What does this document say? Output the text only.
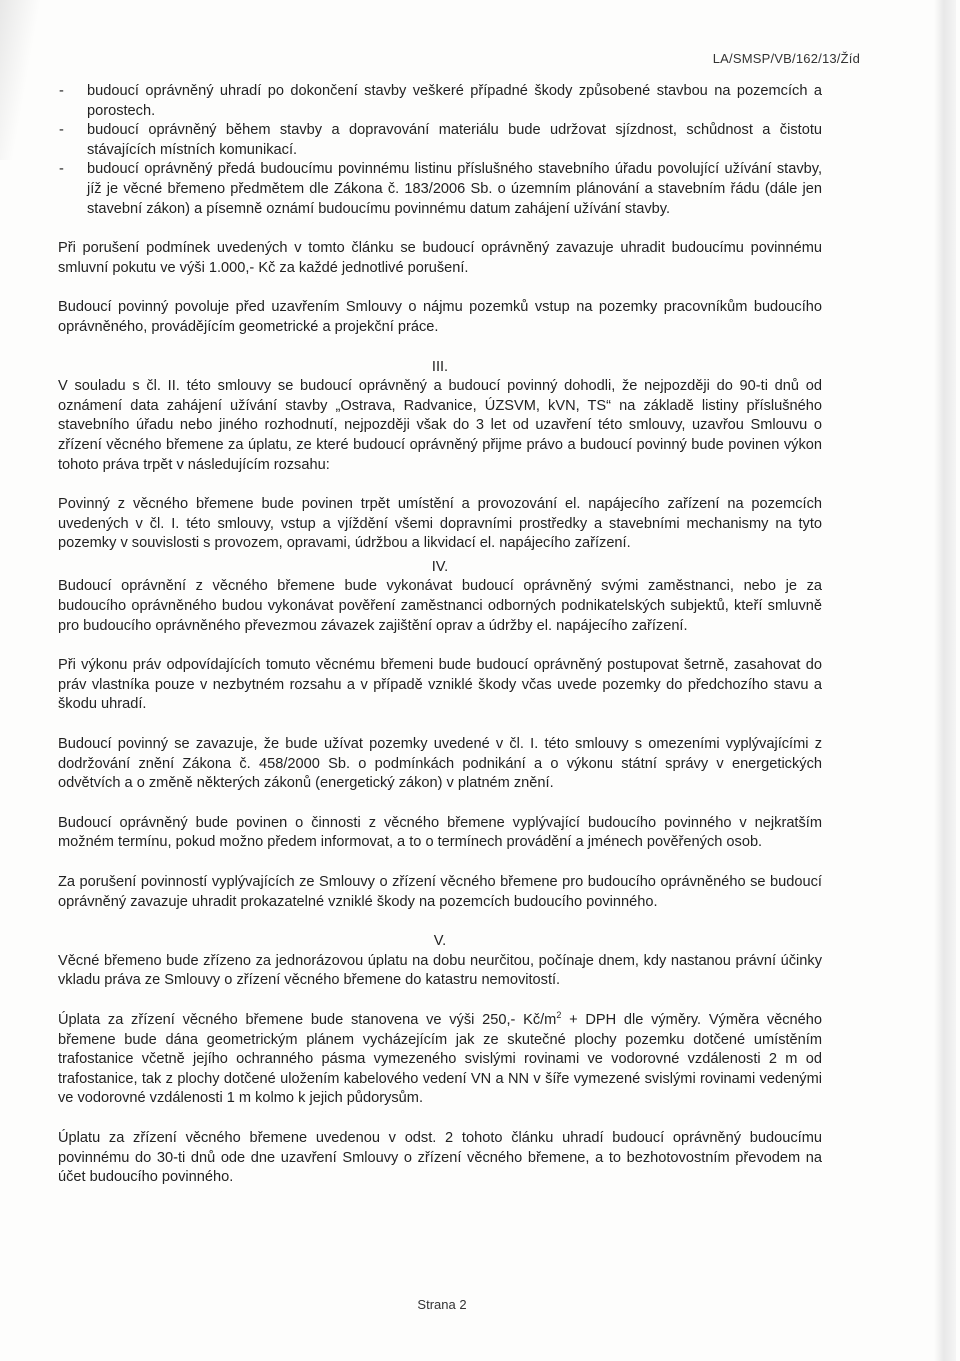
LA/SMSP/VB/162/13/Žíd
- budoucí oprávněný uhradí po dokončení stavby veškeré případné škody způsobené stavbou na pozemcích a porostech.
- budoucí oprávněný během stavby a dopravování materiálu bude udržovat sjízdnost, schůdnost a čistotu stávajících místních komunikací.
- budoucí oprávněný předá budoucímu povinnému listinu příslušného stavebního úřadu povolující užívání stavby, jíž je věcné břemeno předmětem dle Zákona č. 183/2006 Sb. o územním plánování a stavebním řádu (dále jen stavební zákon) a písemně oznámí budoucímu povinnému datum zahájení užívání stavby.

Při porušení podmínek uvedených v tomto článku se budoucí oprávněný zavazuje uhradit budoucímu povinnému smluvní pokutu ve výši 1.000,- Kč za každé jednotlivé porušení.

Budoucí povinný povoluje před uzavřením Smlouvy o nájmu pozemků vstup na pozemky pracovníkům budoucího oprávněného, provádějícím geometrické a projekční práce.

III.

V souladu s čl. II. této smlouvy se budoucí oprávněný a budoucí povinný dohodli, že nejpozději do 90-ti dnů od oznámení data zahájení užívání stavby „Ostrava, Radvanice, ÚZSVM, kVN, TS“ na základě listiny příslušného stavebního úřadu nebo jiného rozhodnutí, nejpozději však do 3 let od uzavření této smlouvy, uzavřou Smlouvu o zřízení věcného břemene za úplatu, ze které budoucí oprávněný přijme právo a budoucí povinný bude povinen výkon tohoto práva trpět v následujícím rozsahu:

Povinný z věcného břemene bude povinen trpět umístění a provozování el. napájecího zařízení na pozemcích uvedených v čl. I. této smlouvy, vstup a vjíždění všemi dopravními prostředky a stavebními mechanismy na tyto pozemky v souvislosti s provozem, opravami, údržbou a likvidací el. napájecího zařízení.

IV.

Budoucí oprávnění z věcného břemene bude vykonávat budoucí oprávněný svými zaměstnanci, nebo je za budoucího oprávněného budou vykonávat pověření zaměstnanci odborných podnikatelských subjektů, kteří smluvně pro budoucího oprávněného převezmou závazek zajištění oprav a údržby el. napájecího zařízení.

Při výkonu práv odpovídajících tomuto věcnému břemeni bude budoucí oprávněný postupovat šetrně, zasahovat do práv vlastníka pouze v nezbytném rozsahu a v případě vzniklé škody včas uvede pozemky do předchozího stavu a škodu uhradí.

Budoucí povinný se zavazuje, že bude užívat pozemky uvedené v čl. I. této smlouvy s omezeními vyplývajícími z dodržování znění Zákona č. 458/2000 Sb. o podmínkách podnikání a o výkonu státní správy v energetických odvětvích a o změně některých zákonů (energetický zákon) v platném znění.

Budoucí oprávněný bude povinen o činnosti z věcného břemene vyplývající budoucího povinného v nejkratším možném termínu, pokud možno předem informovat, a to o termínech provádění a jménech pověřených osob.

Za porušení povinností vyplývajících ze Smlouvy o zřízení věcného břemene pro budoucího oprávněného se budoucí oprávněný zavazuje uhradit prokazatelné vzniklé škody na pozemcích budoucího povinného.

V.

Věcné břemeno bude zřízeno za jednorázovou úplatu na dobu neurčitou, počínaje dnem, kdy nastanou právní účinky vkladu práva ze Smlouvy o zřízení věcného břemene do katastru nemovitostí.

Úplata za zřízení věcného břemene bude stanovena ve výši 250,- $Kč/m^2$ + DPH dle výměry. Výměra věcného břemene bude dána geometrickým plánem vycházejícím jak ze skutečné plochy pozemku dotčené umístěním trafostanice včetně jejího ochranného pásma vymezeného svislými rovinami ve vodorovné vzdálenosti 2 m od trafostanice, tak z plochy dotčené uložením kabelového vedení VN a NN v šíře vymezené svislými rovinami vedenými ve vodorovné vzdálenosti 1 m kolmo k jejich půdorysům.

Úplatu za zřízení věcného břemene uvedenou v odst. 2 tohoto článku uhradí budoucí oprávněný budoucímu povinnému do 30-ti dnů ode dne uzavření Smlouvy o zřízení věcného břemene, a to bezhotovostním převodem na účet budoucího povinného.

Strana 2
